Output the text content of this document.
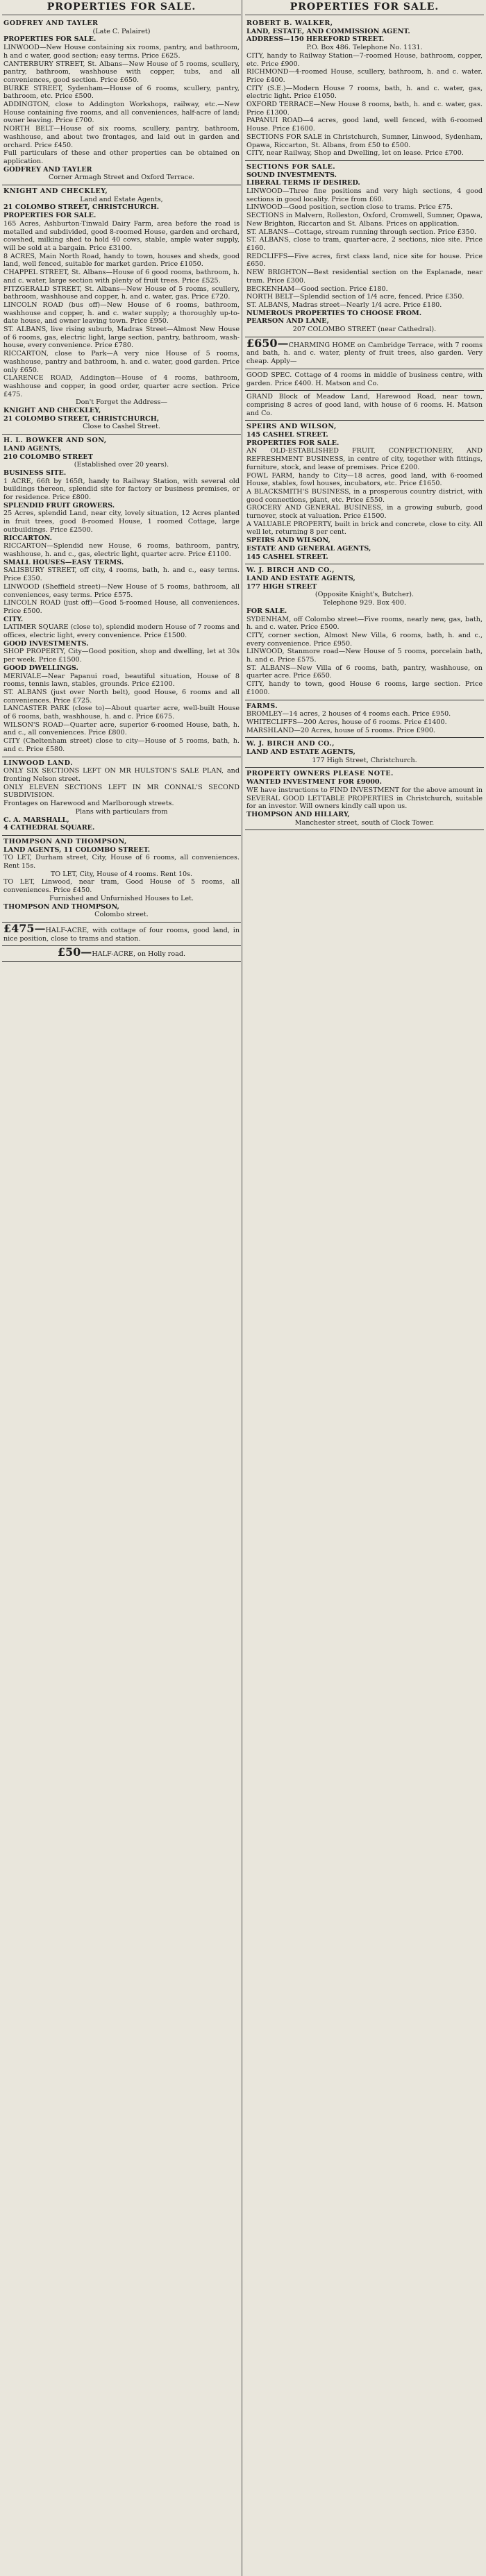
PROPERTIES FOR SALE.

GODFREY AND TAYLER

(Late C. Palairet)

PROPERTIES FOR SALE.

LINWOOD—New House containing six rooms, pantry, and bathroom, h and c water, good section; easy terms. Price £625.

CANTERBURY STREET, St. Albans—New House of 5 rooms, scullery, pantry, bathroom, washhouse with copper, tubs, and all conveniences, good section. Price £650.

BURKE STREET, Sydenham—House of 6 rooms, scullery, pantry, bathroom, etc. Price £500.

ADDINGTON, close to Addington Workshops, railway, etc.—New House containing five rooms, and all conveniences, half-acre of land; owner leaving. Price £700.

NORTH BELT—House of six rooms, scullery, pantry, bathroom, washhouse, and about two frontages, and laid out in garden and orchard. Price £450.

Full particulars of these and other properties can be obtained on application.

GODFREY AND TAYLER

Corner Armagh Street and Oxford Terrace.

KNIGHT AND CHECKLEY,

Land and Estate Agents,

21 COLOMBO STREET, CHRISTCHURCH.

PROPERTIES FOR SALE.

165 Acres, Ashburton-Tinwald Dairy Farm, area before the road is metalled and subdivided, good 8-roomed House, garden and orchard, cowshed, milking shed to hold 40 cows, stable, ample water supply, will be sold at a bargain. Price £3100.

8 ACRES, Main North Road, handy to town, houses and sheds, good land, well fenced, suitable for market garden. Price £1050.

CHAPPEL STREET, St. Albans—House of 6 good rooms, bathroom, h. and c. water, large section with plenty of fruit trees. Price £525.

FITZGERALD STREET, St. Albans—New House of 5 rooms, scullery, bathroom, washhouse and copper, h. and c. water, gas. Price £720.

LINCOLN ROAD (bus off)—New House of 6 rooms, bathroom, washhouse and copper, h. and c. water supply; a thoroughly up-to-date house, and owner leaving town. Price £950.

ST. ALBANS, live rising suburb, Madras Street—Almost New House of 6 rooms, gas, electric light, large section, pantry, bathroom, wash-house, every convenience. Price £780.

RICCARTON, close to Park—A very nice House of 5 rooms, washhouse, pantry and bathroom, h. and c. water, good garden. Price only £650.

CLARENCE ROAD, Addington—House of 4 rooms, bathroom, washhouse and copper, in good order, quarter acre section. Price £475.

Don't Forget the Address—

KNIGHT AND CHECKLEY,

21 COLOMBO STREET, CHRISTCHURCH,

Close to Cashel Street.

H. L. BOWKER AND SON,

LAND AGENTS,

210 COLOMBO STREET

(Established over 20 years).

BUSINESS SITE.

1 ACRE, 66ft by 165ft, handy to Railway Station, with several old buildings thereon, splendid site for factory or business premises, or for residence. Price £800.

SPLENDID FRUIT GROWERS.

25 Acres, splendid Land, near city, lovely situation, 12 Acres planted in fruit trees, good 8-roomed House, 1 roomed Cottage, large outbuildings. Price £2500.

RICCARTON.

RICCARTON—Splendid new House, 6 rooms, bathroom, pantry, washhouse, h. and c., gas, electric light, quarter acre. Price £1100.

SMALL HOUSES—EASY TERMS.

SALISBURY STREET, off city, 4 rooms, bath, h. and c., easy terms. Price £350.

LINWOOD (Sheffield street)—New House of 5 rooms, bathroom, all conveniences, easy terms. Price £575.

LINCOLN ROAD (just off)—Good 5-roomed House, all conveniences. Price £500.

CITY.

LATIMER SQUARE (close to), splendid modern House of 7 rooms and offices, electric light, every convenience. Price £1500.

GOOD INVESTMENTS.

SHOP PROPERTY, City—Good position, shop and dwelling, let at 30s per week. Price £1500.

GOOD DWELLINGS.

MERIVALE—Near Papanui road, beautiful situation, House of 8 rooms, tennis lawn, stables, grounds. Price £2100.

ST. ALBANS (just over North belt), good House, 6 rooms and all conveniences. Price £725.

LANCASTER PARK (close to)—About quarter acre, well-built House of 6 rooms, bath, washhouse, h. and c. Price £675.

WILSON'S ROAD—Quarter acre, superior 6-roomed House, bath, h. and c., all conveniences. Price £800.

CITY (Cheltenham street) close to city—House of 5 rooms, bath, h. and c. Price £580.

LINWOOD LAND.

ONLY SIX SECTIONS LEFT ON MR HULSTON'S SALE PLAN, and fronting Nelson street.

ONLY ELEVEN SECTIONS LEFT IN MR CONNAL'S SECOND SUBDIVISION.

Frontages on Harewood and Marlborough streets.

Plans with particulars from

C. A. MARSHALL,

4 CATHEDRAL SQUARE.

THOMPSON AND THOMPSON,

LAND AGENTS, 11 COLOMBO STREET.

TO LET, Durham street, City, House of 6 rooms, all conveniences. Rent 15s.

TO LET, City, House of 4 rooms. Rent 10s.

TO LET, Linwood, near tram, Good House of 5 rooms, all conveniences. Price £450.

Furnished and Unfurnished Houses to Let.

THOMPSON AND THOMPSON,

Colombo street.

£475—HALF-ACRE, with cottage of four rooms, good land, in nice position, close to trams and station.

£50—HALF-ACRE, on Holly road.

PROPERTIES FOR SALE.

ROBERT B. WALKER,

LAND, ESTATE, AND COMMISSION AGENT.

ADDRESS—150 HEREFORD STREET.

P.O. Box 486. Telephone No. 1131.

CITY, handy to Railway Station—7-roomed House, bathroom, copper, etc. Price £900.

RICHMOND—4-roomed House, scullery, bathroom, h. and c. water. Price £400.

CITY (S.E.)—Modern House 7 rooms, bath, h. and c. water, gas, electric light. Price £1050.

OXFORD TERRACE—New House 8 rooms, bath, h. and c. water, gas. Price £1300.

PAPANUI ROAD—4 acres, good land, well fenced, with 6-roomed House. Price £1600.

SECTIONS FOR SALE in Christchurch, Sumner, Linwood, Sydenham, Opawa, Riccarton, St. Albans, from £50 to £500.

CITY, near Railway, Shop and Dwelling, let on lease. Price £700.

SECTIONS FOR SALE.

SOUND INVESTMENTS.

LIBERAL TERMS IF DESIRED.

LINWOOD—Three fine positions and very high sections, 4 good sections in good locality. Price from £60.

LINWOOD—Good position, section close to trams. Price £75.

SECTIONS in Malvern, Rolleston, Oxford, Cromwell, Sumner, Opawa, New Brighton, Riccarton and St. Albans. Prices on application.

ST. ALBANS—Cottage, stream running through section. Price £350.

ST. ALBANS, close to tram, quarter-acre, 2 sections, nice site. Price £160.

REDCLIFFS—Five acres, first class land, nice site for house. Price £650.

NEW BRIGHTON—Best residential section on the Esplanade, near tram. Price £300.

BECKENHAM—Good section. Price £180.

NORTH BELT—Splendid section of 1/4 acre, fenced. Price £350.

ST. ALBANS, Madras street—Nearly 1/4 acre. Price £180.

NUMEROUS PROPERTIES TO CHOOSE FROM.

PEARSON AND LANE,

207 COLOMBO STREET (near Cathedral).

£650—CHARMING HOME on Cambridge Terrace, with 7 rooms and bath, h. and c. water, plenty of fruit trees, also garden. Very cheap. Apply—

GOOD SPEC. Cottage of 4 rooms in middle of business centre, with garden. Price £400. H. Matson and Co.

GRAND Block of Meadow Land, Harewood Road, near town, comprising 8 acres of good land, with house of 6 rooms. H. Matson and Co.

SPEIRS AND WILSON,

145 CASHEL STREET.

PROPERTIES FOR SALE.

AN OLD-ESTABLISHED FRUIT, CONFECTIONERY, AND REFRESHMENT BUSINESS, in centre of city, together with fittings, furniture, stock, and lease of premises. Price £200.

FOWL FARM, handy to City—18 acres, good land, with 6-roomed House, stables, fowl houses, incubators, etc. Price £1650.

A BLACKSMITH'S BUSINESS, in a prosperous country district, with good connections, plant, etc. Price £550.

GROCERY AND GENERAL BUSINESS, in a growing suburb, good turnover, stock at valuation. Price £1500.

A VALUABLE PROPERTY, built in brick and concrete, close to city. All well let, returning 8 per cent.

SPEIRS AND WILSON,

ESTATE AND GENERAL AGENTS,

145 CASHEL STREET.

W. J. BIRCH AND CO.,

LAND AND ESTATE AGENTS,

177 HIGH STREET

(Opposite Knight's, Butcher).

Telephone 929. Box 400.

FOR SALE.

SYDENHAM, off Colombo street—Five rooms, nearly new, gas, bath, h. and c. water. Price £500.

CITY, corner section, Almost New Villa, 6 rooms, bath, h. and c., every convenience. Price £950.

LINWOOD, Stanmore road—New House of 5 rooms, porcelain bath, h. and c. Price £575.

ST. ALBANS—New Villa of 6 rooms, bath, pantry, washhouse, on quarter acre. Price £650.

CITY, handy to town, good House 6 rooms, large section. Price £1000.

FARMS.

BROMLEY—14 acres, 2 houses of 4 rooms each. Price £950.

WHITECLIFFS—200 Acres, house of 6 rooms. Price £1400.

MARSHLAND—20 Acres, house of 5 rooms. Price £900.

W. J. BIRCH AND CO.,

LAND AND ESTATE AGENTS,

177 High Street, Christchurch.

PROPERTY OWNERS PLEASE NOTE.

WANTED INVESTMENT FOR £9000.

WE have instructions to FIND INVESTMENT for the above amount in SEVERAL GOOD LETTABLE PROPERTIES in Christchurch, suitable for an investor. Will owners kindly call upon us.

THOMPSON AND HILLARY,

Manchester street, south of Clock Tower.
